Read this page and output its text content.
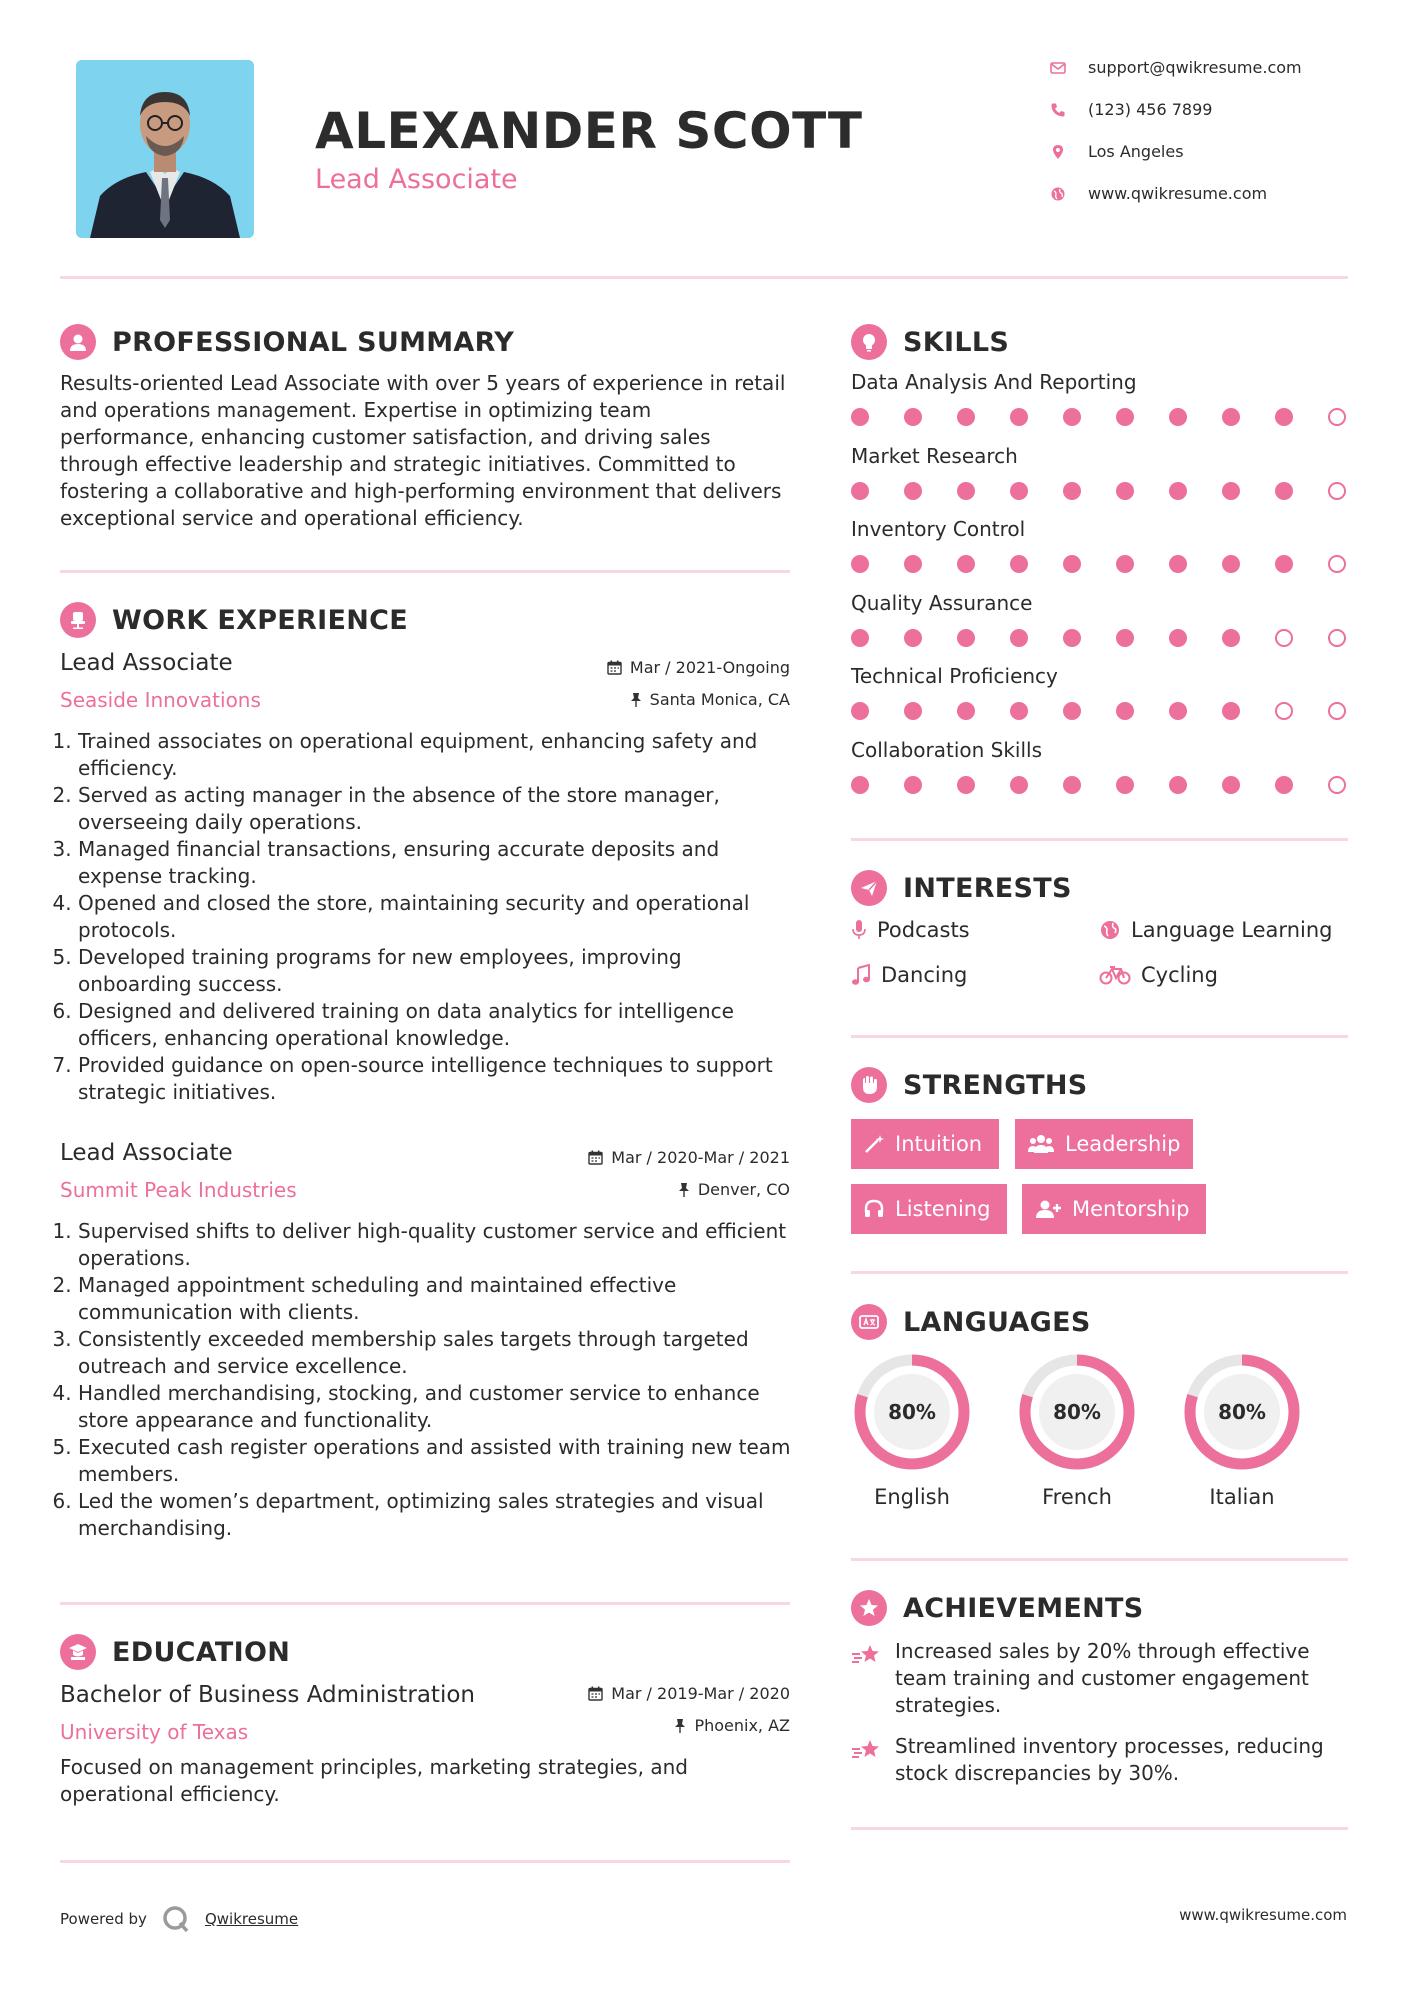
ALEXANDER SCOTT
Lead Associate
support@qwikresume.com
(123) 456 7899
Los Angeles
www.qwikresume.com
PROFESSIONAL SUMMARY
Results-oriented Lead Associate with over 5 years of experience in retail and operations management. Expertise in optimizing team performance, enhancing customer satisfaction, and driving sales through effective leadership and strategic initiatives. Committed to fostering a collaborative and high-performing environment that delivers exceptional service and operational efficiency.
WORK EXPERIENCE
Lead Associate
Seaside Innovations
Mar / 2021-Ongoing
Santa Monica, CA
1. Trained associates on operational equipment, enhancing safety and efficiency.
2. Served as acting manager in the absence of the store manager, overseeing daily operations.
3. Managed financial transactions, ensuring accurate deposits and expense tracking.
4. Opened and closed the store, maintaining security and operational protocols.
5. Developed training programs for new employees, improving onboarding success.
6. Designed and delivered training on data analytics for intelligence officers, enhancing operational knowledge.
7. Provided guidance on open-source intelligence techniques to support strategic initiatives.
Lead Associate
Summit Peak Industries
Mar / 2020-Mar / 2021
Denver, CO
1. Supervised shifts to deliver high-quality customer service and efficient operations.
2. Managed appointment scheduling and maintained effective communication with clients.
3. Consistently exceeded membership sales targets through targeted outreach and service excellence.
4. Handled merchandising, stocking, and customer service to enhance store appearance and functionality.
5. Executed cash register operations and assisted with training new team members.
6. Led the women’s department, optimizing sales strategies and visual merchandising.
EDUCATION
Bachelor of Business Administration
University of Texas
Mar / 2019-Mar / 2020
Phoenix, AZ
Focused on management principles, marketing strategies, and operational efficiency.
SKILLS
Data Analysis And Reporting
Market Research
Inventory Control
Quality Assurance
Technical Proficiency
Collaboration Skills
INTERESTS
Podcasts	Language Learning
Dancing	Cycling
STRENGTHS
Intuition	Leadership
Listening	Mentorship
LANGUAGES
80%
English
80%
French
80%
Italian
ACHIEVEMENTS
Increased sales by 20% through effective team training and customer engagement strategies.
Streamlined inventory processes, reducing stock discrepancies by 30%.
Powered by	Qwikresume	www.qwikresume.com
